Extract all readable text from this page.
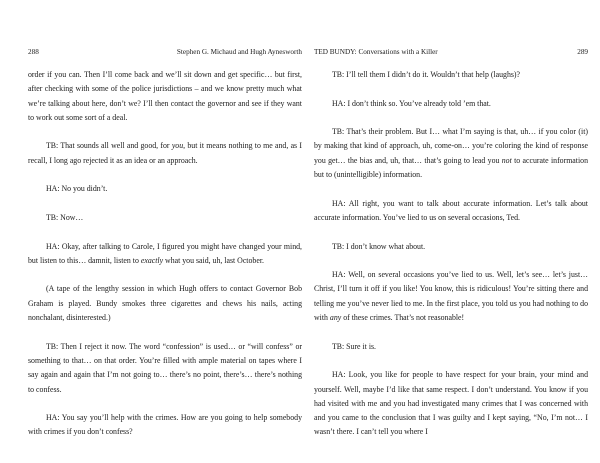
288	Stephen G. Michaud and Hugh Aynesworth

order if you can. Then I’ll come back and we’ll sit down and get specific… but first, after checking with some of the police jurisdictions – and we know pretty much what we’re talking about here, don’t we? I’ll then contact the governor and see if they want to work out some sort of a deal.

TB: That sounds all well and good, for you, but it means nothing to me and, as I recall, I long ago rejected it as an idea or an approach.

HA: No you didn’t.

TB: Now…

HA: Okay, after talking to Carole, I figured you might have changed your mind, but listen to this… damnit, listen to exactly what you said, uh, last October.

(A tape of the lengthy session in which Hugh offers to contact Governor Bob Graham is played. Bundy smokes three cigarettes and chews his nails, acting nonchalant, disinterested.)

TB: Then I reject it now. The word “confession” is used… or “will confess” or something to that… on that order. You’re filled with ample material on tapes where I say again and again that I’m not going to… there’s no point, there’s… there’s nothing to confess.

HA: You say you’ll help with the crimes. How are you going to help somebody with crimes if you don’t confess?

TED BUNDY: Conversations with a Killer	289

TB: I’ll tell them I didn’t do it. Wouldn’t that help (laughs)?

HA: I don’t think so. You’ve already told ’em that.

TB: That’s their problem. But I… what I’m saying is that, uh… if you color (it) by making that kind of approach, uh, come-on… you’re coloring the kind of response you get… the bias and, uh, that… that’s going to lead you not to accurate information but to (unintelligible) information.

HA: All right, you want to talk about accurate information. Let’s talk about accurate information. You’ve lied to us on several occasions, Ted.

TB: I don’t know what about.

HA: Well, on several occasions you’ve lied to us. Well, let’s see… let’s just… Christ, I’ll turn it off if you like! You know, this is ridiculous! You’re sitting there and telling me you’ve never lied to me. In the first place, you told us you had nothing to do with any of these crimes. That’s not reasonable!

TB: Sure it is.

HA: Look, you like for people to have respect for your brain, your mind and yourself. Well, maybe I’d like that same respect. I don’t understand. You know if you had visited with me and you had investigated many crimes that I was concerned with and you came to the conclusion that I was guilty and I kept saying, “No, I’m not… I wasn’t there. I can’t tell you where I
